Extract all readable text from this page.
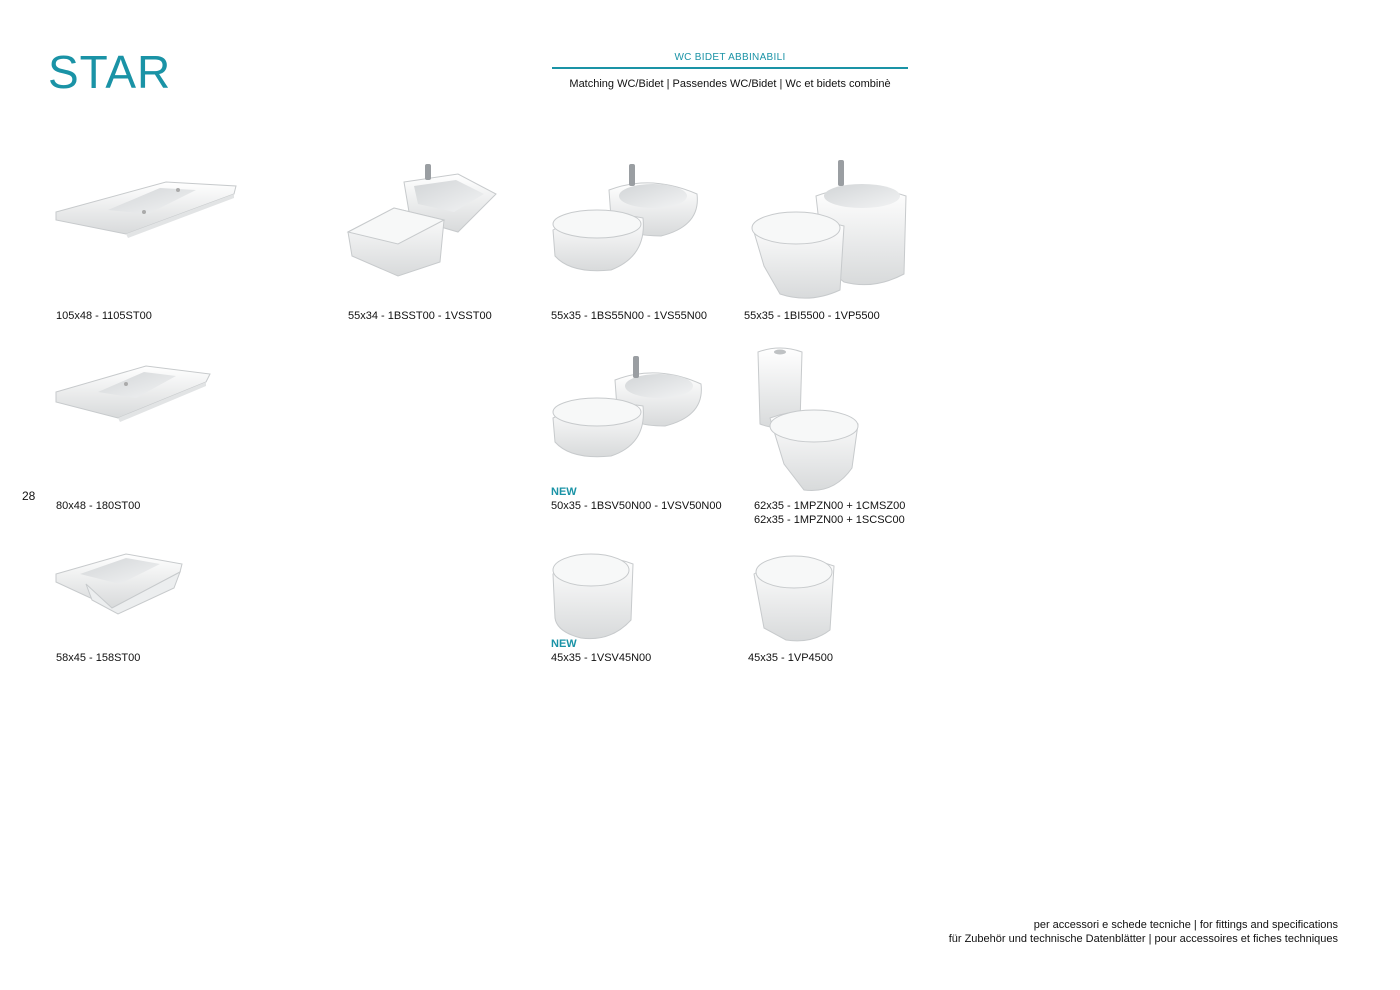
STAR	WC BIDET ABBINABILI
Matching WC/Bidet | Passendes WC/Bidet | Wc et bidets combinè
28
105x48 - 1105ST00	55x34 - 1BSST00 - 1VSST00	55x35 - 1BS55N00 - 1VS55N00	55x35 - 1BI5500 - 1VP5500
80x48 - 180ST00
NEW
50x35 - 1BSV50N00 - 1VSV50N00	62x35 - 1MPZN00 + 1CMSZ00
62x35 - 1MPZN00 + 1SCSC00
58x45 - 158ST00
NEW
45x35 - 1VSV45N00	45x35 - 1VP4500
per accessori e schede tecniche | for fittings and specifications
für Zubehör und technische Datenblätter | pour accessoires et fiches techniques
